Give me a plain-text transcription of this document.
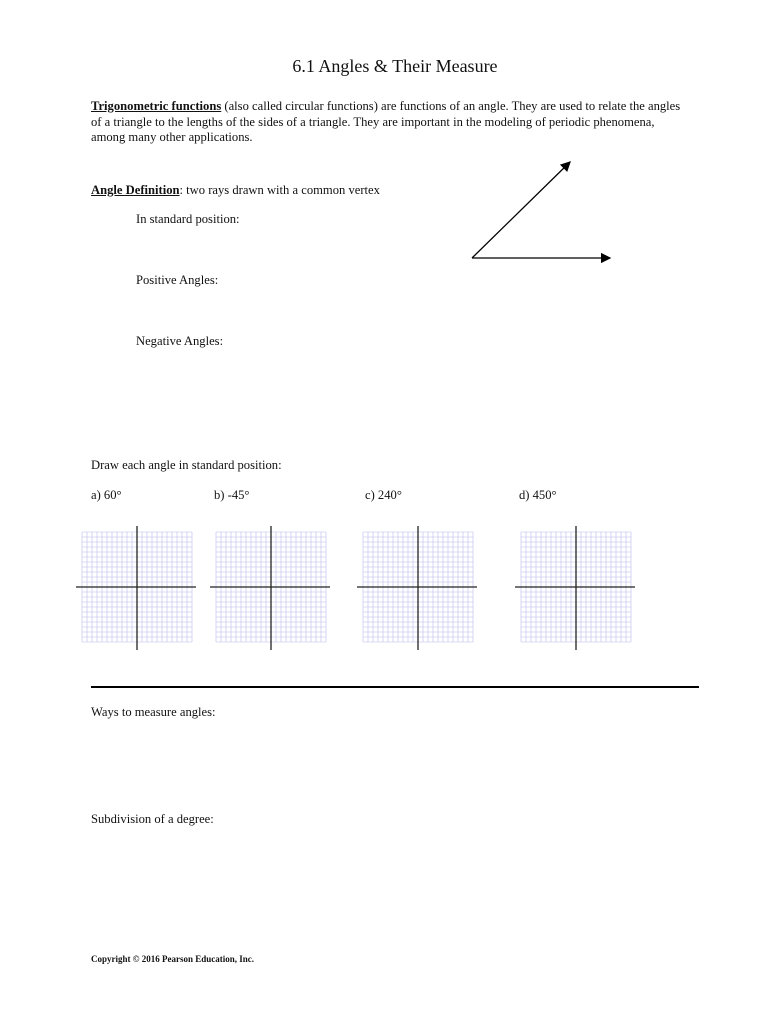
6.1 Angles & Their Measure
Trigonometric functions (also called circular functions) are functions of an angle. They are used to relate the angles of a triangle to the lengths of the sides of a triangle. They are important in the modeling of periodic phenomena, among many other applications.
Angle Definition: two rays drawn with a common vertex
In standard position:
Positive Angles:
Negative Angles:
Draw each angle in standard position:
a) 60°	b) -45°	c) 240°	d) 450°
Ways to measure angles:
Subdivision of a degree:
Copyright © 2016 Pearson Education, Inc.
